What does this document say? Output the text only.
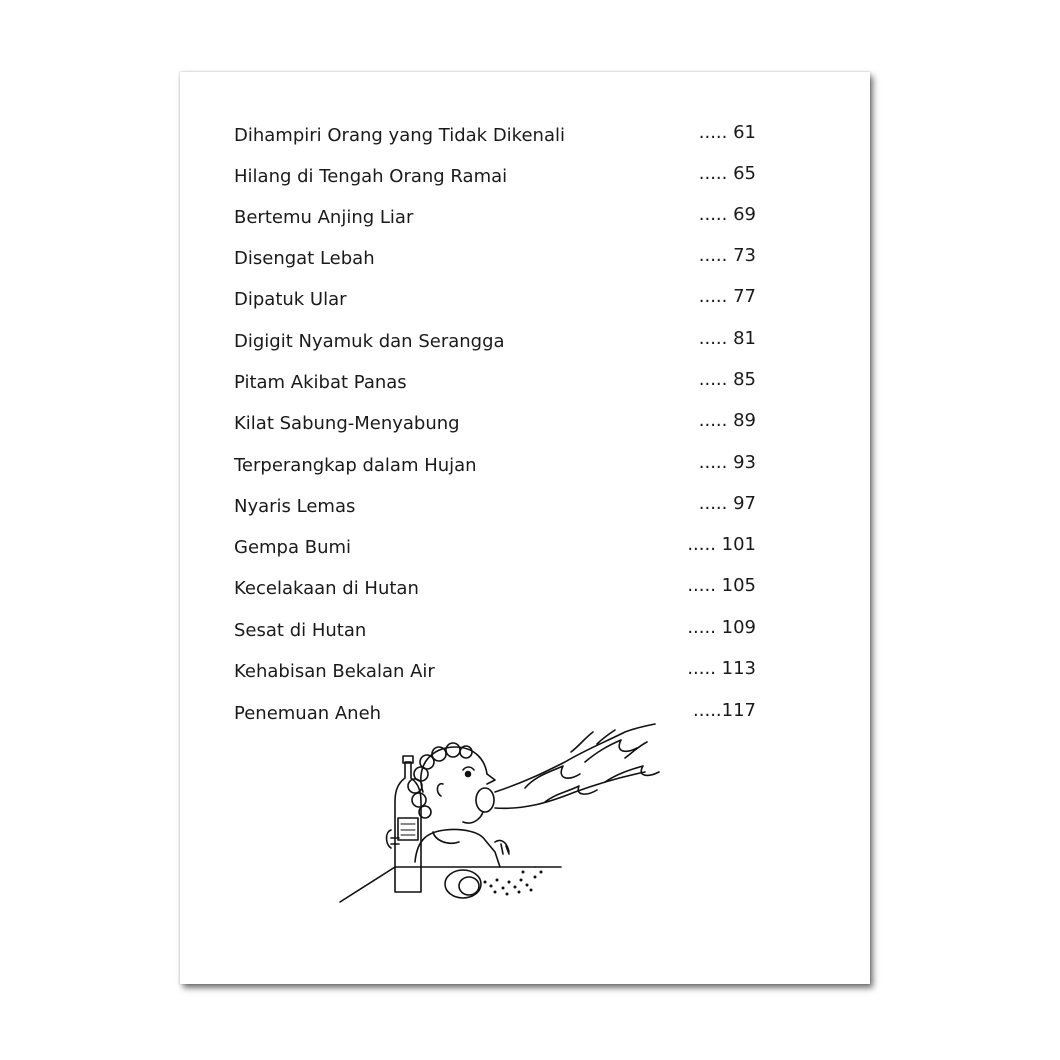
Dihampiri Orang yang Tidak Dikenali	..... 61
Hilang di Tengah Orang Ramai	..... 65
Bertemu Anjing Liar	..... 69
Disengat Lebah	..... 73
Dipatuk Ular	..... 77
Digigit Nyamuk dan Serangga	..... 81
Pitam Akibat Panas	..... 85
Kilat Sabung-Menyabung	..... 89
Terperangkap dalam Hujan	..... 93
Nyaris Lemas	..... 97
Gempa Bumi	..... 101
Kecelakaan di Hutan	..... 105
Sesat di Hutan	..... 109
Kehabisan Bekalan Air	..... 113
Penemuan Aneh	.....117
